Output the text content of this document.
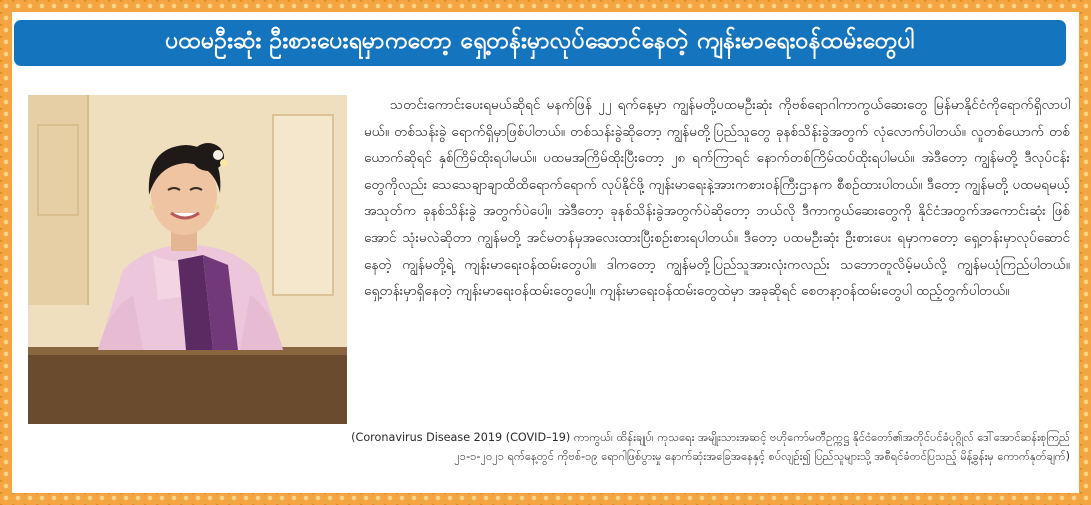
ပထမဦးဆုံး ဦးစားပေးရမှာကတော့ ရှေ့တန်းမှာလုပ်ဆောင်နေတဲ့ ကျန်းမာရေးဝန်ထမ်းတွေပါ
သတင်းကောင်းပေးရမယ်ဆိုရင် မနက်ဖြန် ၂၂ ရက်နေ့မှာ ကျွန်မတို့ပထမဦးဆုံး ကိုဗစ်ရောဂါကာကွယ်ဆေးတွေ မြန်မာနိုင်ငံကိုရောက်ရှိလာပါမယ်။ တစ်သန်းခွဲ ရောက်ရှိမှာဖြစ်ပါတယ်။ တစ်သန်းခွဲဆိုတော့ ကျွန်မတို့ပြည်သူတွေ ခုနစ်သိန်းခွဲအတွက် လုံလောက်ပါတယ်။ လူတစ်ယောက် တစ်ယောက်ဆိုရင် နှစ်ကြိမ်ထိုးရပါမယ်။ ပထမအကြိမ်ထိုးပြီးတော့ ၂၈ ရက်ကြာရင် နောက်တစ်ကြိမ်ထပ်ထိုးရပါမယ်။ အဲဒီတော့ ကျွန်မတို့ ဒီလုပ်ငန်းတွေကိုလည်း သေသေချာချာထိထိရောက်ရောက် လုပ်နိုင်ဖို့ ကျန်းမာရေးနဲ့အားကစားဝန်ကြီးဌာနက စီစဉ်ထားပါတယ်။ ဒီတော့ ကျွန်မတို့ ပထမရမယ့်အသုတ်က ခုနစ်သိန်းခွဲ အတွက်ပဲပေါ့။ အဲဒီတော့ ခုနစ်သိန်းခွဲအတွက်ပဲဆိုတော့ ဘယ်လို ဒီကာကွယ်ဆေးတွေကို နိုင်ငံအတွက်အကောင်းဆုံး ဖြစ်အောင် သုံးမလဲဆိုတာ ကျွန်မတို့ အင်မတန်မှအလေးထားပြီးစဉ်းစားရပါတယ်။ ဒီတော့ ပထမဦးဆုံး ဦးစားပေး ရမှာကတော့ ရှေ့တန်းမှာလုပ်ဆောင်နေတဲ့ ကျွန်မတို့ရဲ့ ကျန်းမာရေးဝန်ထမ်းတွေပါ။ ဒါကတော့ ကျွန်မတို့ပြည်သူအားလုံးကလည်း သဘောတူလိမ့်မယ်လို့ ကျွန်မယုံကြည်ပါတယ်။ ရှေ့တန်းမှာရှိနေတဲ့ ကျန်းမာရေးဝန်ထမ်းတွေပေါ့။ ကျန်းမာရေးဝန်ထမ်းတွေထဲမှာ အခုဆိုရင် စေတနာ့ဝန်ထမ်းတွေပါ ထည့်တွက်ပါတယ်။
(Coronavirus Disease 2019 (COVID–19) ကာကွယ်၊ ထိန်းချုပ်၊ ကုသရေး အမျိုးသားအဆင့် ဗဟိုကော်မတီဥက္ကဋ္ဌ နိုင်ငံတော်၏အတိုင်ပင်ခံပုဂ္ဂိုလ် ဒေါ်အောင်ဆန်းစုကြည်
၂၁-၁-၂၀၂၁ ရက်နေ့တွင် ကိုဗစ်-၁၉ ရောဂါဖြစ်ပွားမှု နောက်ဆုံးအခြေအနေနှင့် စပ်လျဉ်း၍ ပြည်သူများသို့ အစီရင်ခံတင်ပြသည့် မိန့်ခွန်းမှ ကောက်နုတ်ချက်)
